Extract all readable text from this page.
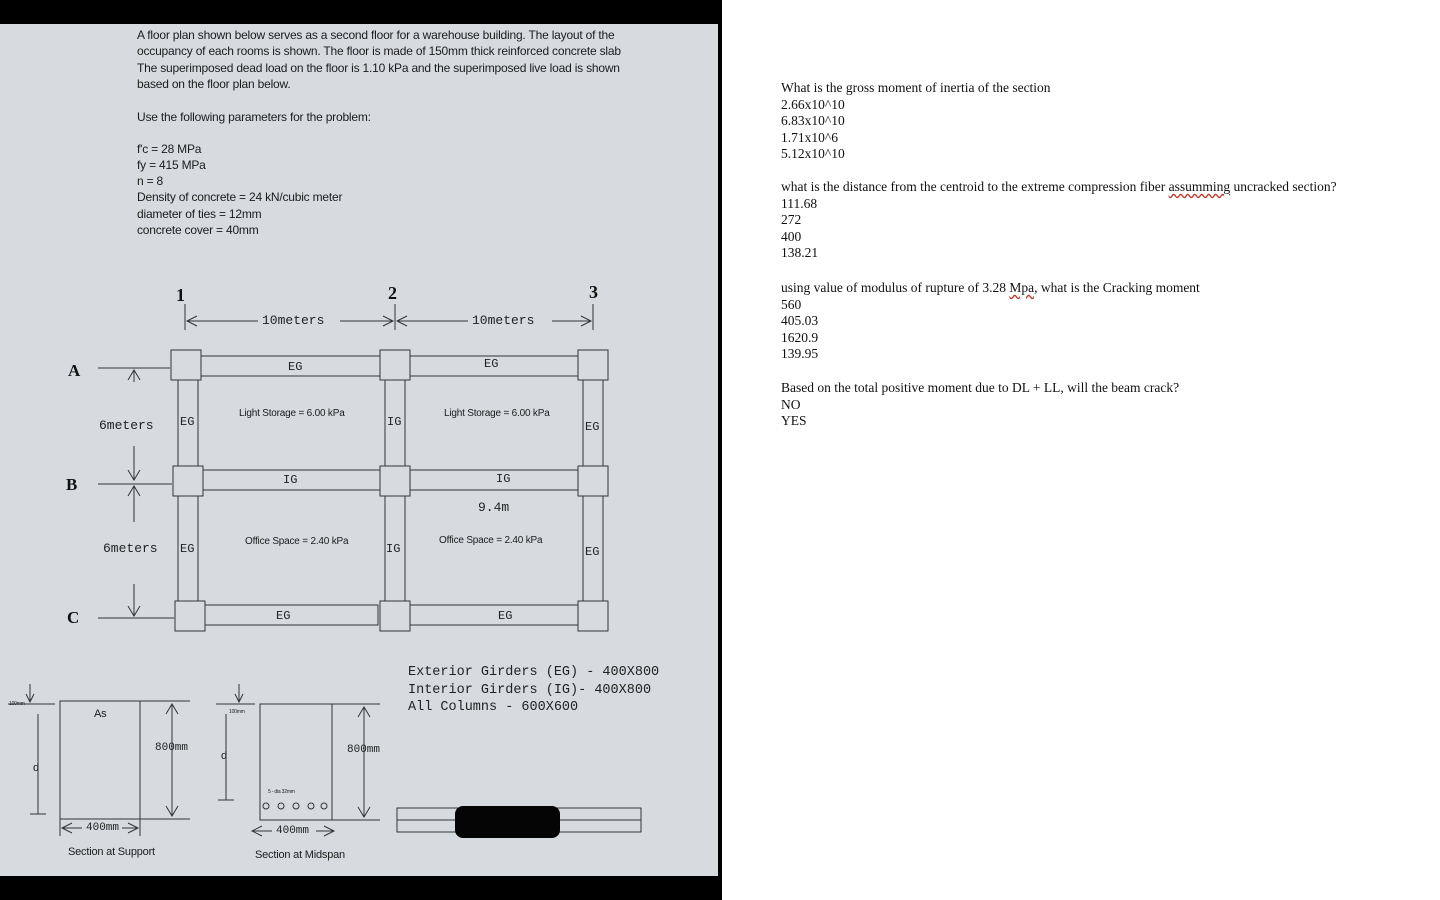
A floor plan shown below serves as a second floor for a warehouse building. The layout of the
occupancy of each rooms is shown. The floor is made of 150mm thick reinforced concrete slab
The superimposed dead load on the floor is 1.10 kPa and the superimposed live load is shown
based on the floor plan below.
Use the following parameters for the problem:
f'c = 28 MPa
fy = 415 MPa
n = 8
Density of concrete = 24 kN/cubic meter
diameter of ties = 12mm
concrete cover = 40mm
1	2	3
A
B
C
10meters	10meters
6meters
6meters
EG	EG
IG	IG
EG	EG
EG	IG	EG
EG	IG	EG
Light Storage = 6.00 kPa	Light Storage = 6.00 kPa
Office Space = 2.40 kPa	Office Space = 2.40 kPa
9.4m
Exterior Girders (EG) - 400X800
Interior Girders (IG)- 400X800
All Columns - 600X600
100mm
As
800mm
d
400mm
Section at Support
100mm
d	800mm
5 - dia 32mm
400mm
Section at Midspan
What is the gross moment of inertia of the section
2.66x10^10
6.83x10^10
1.71x10^6
5.12x10^10
what is the distance from the centroid to the extreme compression fiber assumming uncracked section?
111.68
272
400
138.21
using value of modulus of rupture of 3.28 Mpa, what is the Cracking moment
560
405.03
1620.9
139.95
Based on the total positive moment due to DL + LL, will the beam crack?
NO
YES
